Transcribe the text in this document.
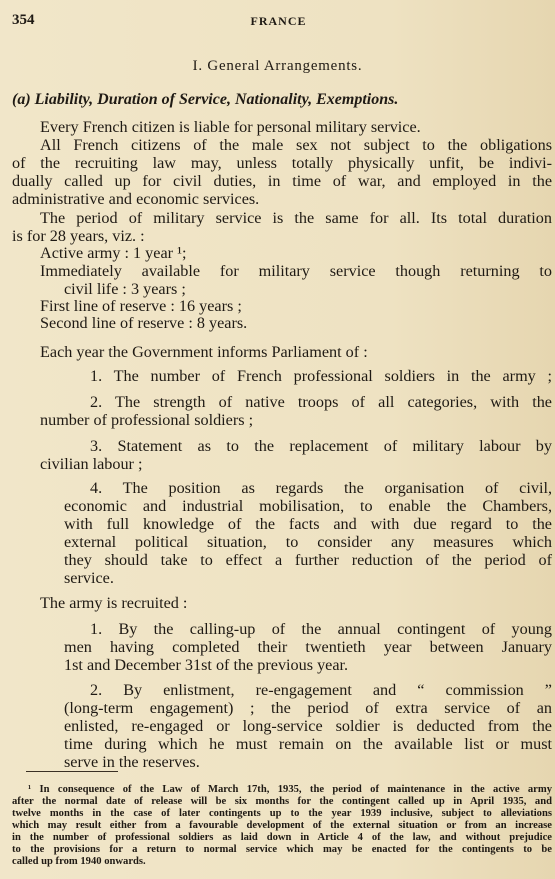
354	FRANCE
I. General Arrangements.
(a) Liability, Duration of Service, Nationality, Exemptions.
Every French citizen is liable for personal military service.
All French citizens of the male sex not subject to the obligations
of the recruiting law may, unless totally physically unfit, be indivi-
dually called up for civil duties, in time of war, and employed in the
administrative and economic services.
The period of military service is the same for all. Its total duration
is for 28 years, viz. :
Active army : 1 year ¹;
Immediately available for military service though returning to
civil life : 3 years ;
First line of reserve : 16 years ;
Second line of reserve : 8 years.
Each year the Government informs Parliament of :
1. The number of French professional soldiers in the army ;
2. The strength of native troops of all categories, with the
number of professional soldiers ;
3. Statement as to the replacement of military labour by
civilian labour ;
4. The position as regards the organisation of civil,
economic and industrial mobilisation, to enable the Chambers,
with full knowledge of the facts and with due regard to the
external political situation, to consider any measures which
they should take to effect a further reduction of the period of
service.
The army is recruited :
1. By the calling-up of the annual contingent of young
men having completed their twentieth year between January
1st and December 31st of the previous year.
2. By enlistment, re-engagement and “ commission ”
(long-term engagement) ; the period of extra service of an
enlisted, re-engaged or long-service soldier is deducted from the
time during which he must remain on the available list or must
serve in the reserves.
¹ In consequence of the Law of March 17th, 1935, the period of maintenance in the active army
after the normal date of release will be six months for the contingent called up in April 1935, and
twelve months in the case of later contingents up to the year 1939 inclusive, subject to alleviations
which may result either from a favourable development of the external situation or from an increase
in the number of professional soldiers as laid down in Article 4 of the law, and without prejudice
to the provisions for a return to normal service which may be enacted for the contingents to be
called up from 1940 onwards.
